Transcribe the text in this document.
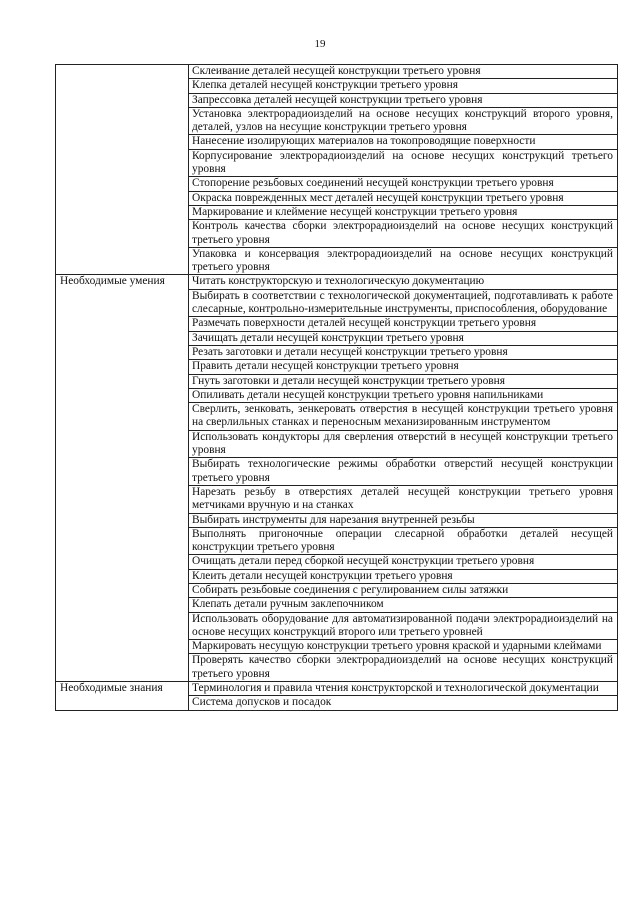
19
	Склеивание деталей несущей конструкции третьего уровня
	Клепка деталей несущей конструкции третьего уровня
	Запрессовка деталей несущей конструкции третьего уровня
	Установка электрорадиоизделий на основе несущих конструкций второго уровня, деталей, узлов на несущие конструкции третьего уровня
	Нанесение изолирующих материалов на токопроводящие поверхности
	Корпусирование электрорадиоизделий на основе несущих конструкций третьего уровня
	Стопорение резьбовых соединений несущей конструкции третьего уровня
	Окраска поврежденных мест деталей несущей конструкции третьего уровня
	Маркирование и клеймение несущей конструкции третьего уровня
	Контроль качества сборки электрорадиоизделий на основе несущих конструкций третьего уровня
	Упаковка и консервация электрорадиоизделий на основе несущих конструкций третьего уровня
Необходимые умения	Читать конструкторскую и технологическую документацию
	Выбирать в соответствии с технологической документацией, подготавливать к работе слесарные, контрольно-измерительные инструменты, приспособления, оборудование
	Размечать поверхности деталей несущей конструкции третьего уровня
	Зачищать детали несущей конструкции третьего уровня
	Резать заготовки и детали несущей конструкции третьего уровня
	Править детали несущей конструкции третьего уровня
	Гнуть заготовки и детали несущей конструкции третьего уровня
	Опиливать детали несущей конструкции третьего уровня напильниками
	Сверлить, зенковать, зенкеровать отверстия в несущей конструкции третьего уровня на сверлильных станках и переносным механизированным инструментом
	Использовать кондукторы для сверления отверстий в несущей конструкции третьего уровня
	Выбирать технологические режимы обработки отверстий несущей конструкции третьего уровня
	Нарезать резьбу в отверстиях деталей несущей конструкции третьего уровня метчиками вручную и на станках
	Выбирать инструменты для нарезания внутренней резьбы
	Выполнять пригоночные операции слесарной обработки деталей несущей конструкции третьего уровня
	Очищать детали перед сборкой несущей конструкции третьего уровня
	Клеить детали несущей конструкции третьего уровня
	Собирать резьбовые соединения с регулированием силы затяжки
	Клепать детали ручным заклепочником
	Использовать оборудование для автоматизированной подачи электрорадиоизделий на основе несущих конструкций второго или третьего уровней
	Маркировать несущую конструкции третьего уровня краской и ударными клеймами
	Проверять качество сборки электрорадиоизделий на основе несущих конструкций третьего уровня
Необходимые знания	Терминология и правила чтения конструкторской и технологической документации
	Система допусков и посадок
